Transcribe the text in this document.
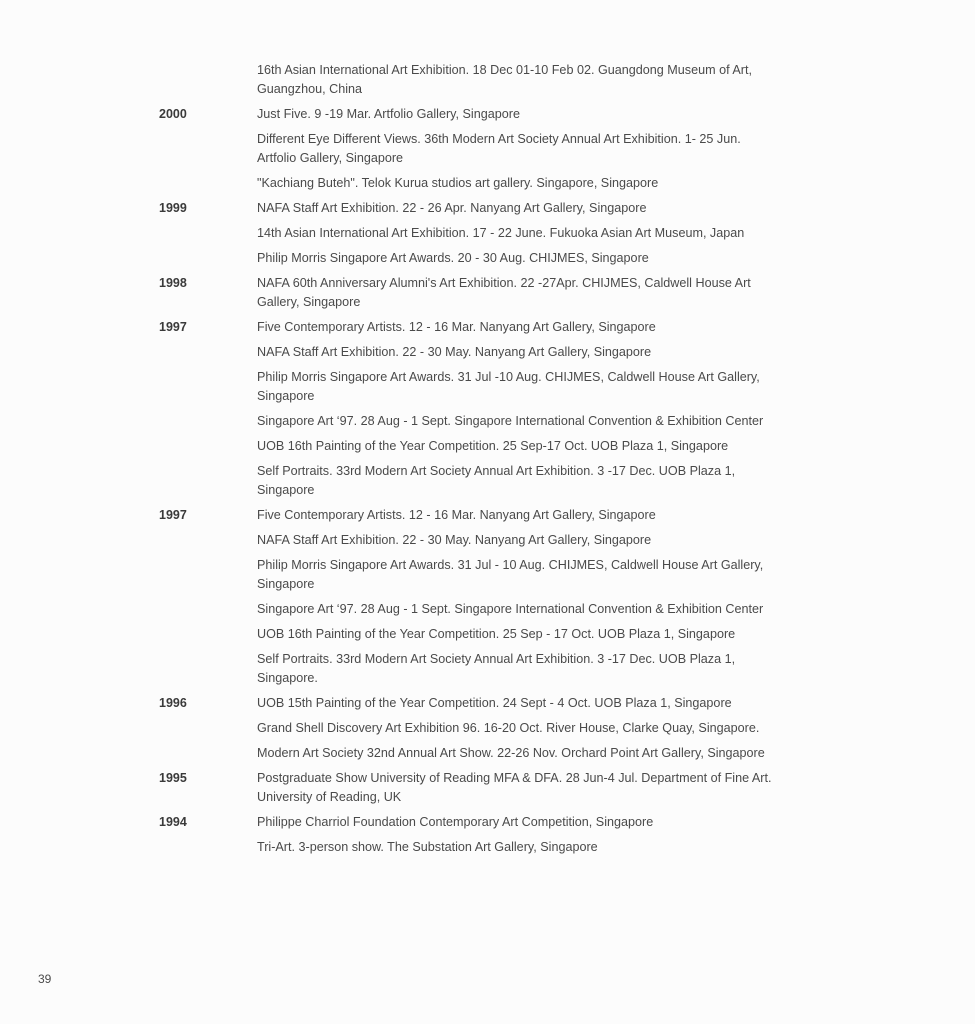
16th Asian International Art Exhibition. 18 Dec 01-10 Feb 02. Guangdong Museum of Art, Guangzhou, China
2000	Just Five. 9 -19 Mar. Artfolio Gallery, Singapore
Different Eye Different Views. 36th Modern Art Society Annual Art Exhibition. 1- 25 Jun. Artfolio Gallery, Singapore
"Kachiang Buteh". Telok Kurua studios art gallery. Singapore, Singapore
1999	NAFA Staff Art Exhibition. 22 - 26 Apr. Nanyang Art Gallery, Singapore
14th Asian International Art Exhibition. 17 - 22 June. Fukuoka Asian Art Museum, Japan
Philip Morris Singapore Art Awards. 20 - 30 Aug. CHIJMES, Singapore
1998	NAFA 60th Anniversary Alumni's Art Exhibition. 22 -27Apr. CHIJMES, Caldwell House Art Gallery, Singapore
1997	Five Contemporary Artists. 12 - 16 Mar. Nanyang Art Gallery, Singapore
NAFA Staff Art Exhibition. 22 - 30 May. Nanyang Art Gallery, Singapore
Philip Morris Singapore Art Awards. 31 Jul -10 Aug. CHIJMES, Caldwell House Art Gallery, Singapore
Singapore Art ‘97. 28 Aug - 1 Sept. Singapore International Convention & Exhibition Center
UOB 16th Painting of the Year Competition. 25 Sep-17 Oct. UOB Plaza 1, Singapore
Self Portraits. 33rd Modern Art Society Annual Art Exhibition. 3 -17 Dec. UOB Plaza 1, Singapore
1997	Five Contemporary Artists. 12 - 16 Mar. Nanyang Art Gallery, Singapore
NAFA Staff Art Exhibition. 22 - 30 May. Nanyang Art Gallery, Singapore
Philip Morris Singapore Art Awards. 31 Jul - 10 Aug. CHIJMES, Caldwell House Art Gallery, Singapore
Singapore Art ‘97. 28 Aug - 1 Sept. Singapore International Convention & Exhibition Center
UOB 16th Painting of the Year Competition. 25 Sep - 17 Oct. UOB Plaza 1, Singapore
Self Portraits. 33rd Modern Art Society Annual Art Exhibition. 3 -17 Dec. UOB Plaza 1, Singapore.
1996	UOB 15th Painting of the Year Competition. 24 Sept - 4 Oct. UOB Plaza 1, Singapore
Grand Shell Discovery Art Exhibition 96. 16-20 Oct. River House, Clarke Quay, Singapore.
Modern Art Society 32nd Annual Art Show. 22-26 Nov. Orchard Point Art Gallery, Singapore
1995	Postgraduate Show University of Reading MFA & DFA. 28 Jun-4 Jul. Department of Fine Art. University of Reading, UK
1994	Philippe Charriol Foundation Contemporary Art Competition, Singapore
Tri-Art. 3-person show. The Substation Art Gallery, Singapore
39
